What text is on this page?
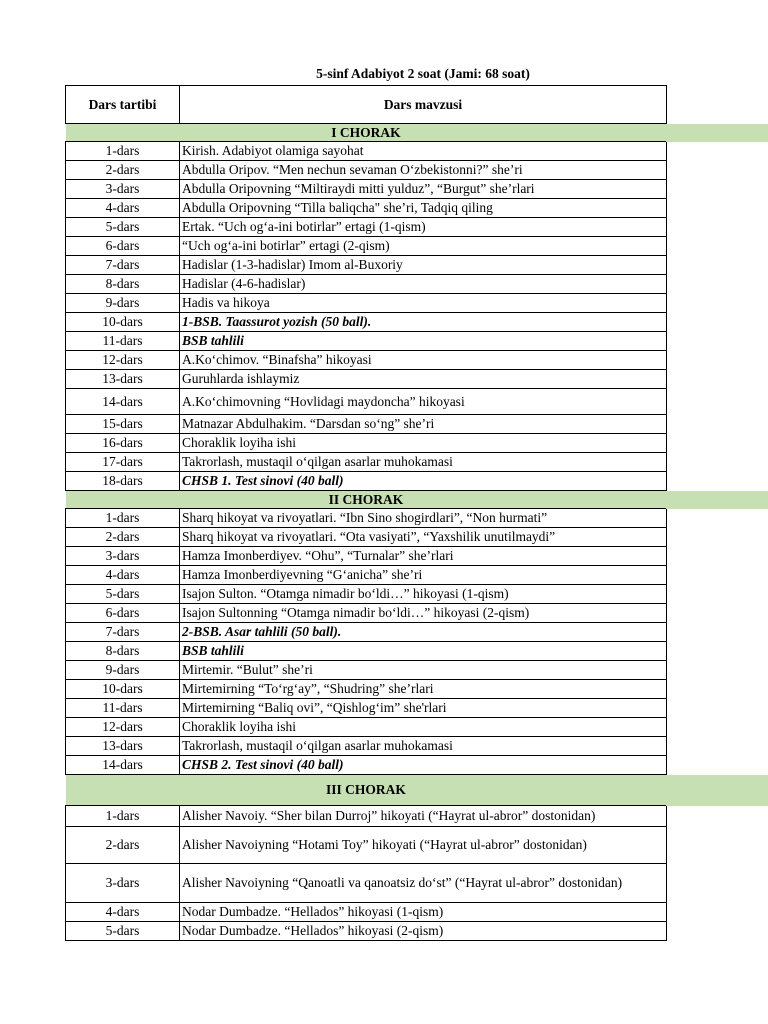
5-sinf Adabiyot 2 soat (Jami: 68 soat)
Dars tartibi	Dars mavzusi
I CHORAK	
1-dars	Kirish. Adabiyot olamiga sayohat
2-dars	Abdulla Oripov. “Men nechun sevaman O‘zbekistonni?” she’ri
3-dars	Abdulla Oripovning “Miltiraydi mitti yulduz”, “Burgut” she’rlari
4-dars	Abdulla Oripovning “Tilla baliqcha" she’ri, Tadqiq qiling
5-dars	Ertak. “Uch og‘a-ini botirlar” ertagi (1-qism)
6-dars	“Uch og‘a-ini botirlar” ertagi (2-qism)
7-dars	Hadislar (1-3-hadislar) Imom al-Buxoriy
8-dars	Hadislar (4-6-hadislar)
9-dars	Hadis va hikoya
10-dars	1-BSB. Taassurot yozish (50 ball).
11-dars	BSB tahlili
12-dars	A.Ko‘chimov. “Binafsha” hikoyasi
13-dars	Guruhlarda ishlaymiz
14-dars	A.Ko‘chimovning “Hovlidagi maydoncha” hikoyasi
15-dars	Matnazar Abdulhakim. “Darsdan so‘ng” she’ri
16-dars	Choraklik loyiha ishi
17-dars	Takrorlash, mustaqil o‘qilgan asarlar muhokamasi
18-dars	CHSB 1. Test sinovi (40 ball)
II CHORAK	
1-dars	Sharq hikoyat va rivoyatlari. “Ibn Sino shogirdlari”, “Non hurmati”
2-dars	Sharq hikoyat va rivoyatlari. “Ota vasiyati”, “Yaxshilik unutilmaydi”
3-dars	Hamza Imonberdiyev. “Ohu”, “Turnalar” she’rlari
4-dars	Hamza Imonberdiyevning “G‘anicha” she’ri
5-dars	Isajon Sulton. “Otamga nimadir bo‘ldi…” hikoyasi (1-qism)
6-dars	Isajon Sultonning “Otamga nimadir bo‘ldi…” hikoyasi (2-qism)
7-dars	2-BSB. Asar tahlili (50 ball).
8-dars	BSB tahlili
9-dars	Mirtemir. “Bulut” she’ri
10-dars	Mirtemirning “To‘rg‘ay”, “Shudring” she’rlari
11-dars	Mirtemirning “Baliq ovi”, “Qishlog‘im” she'rlari
12-dars	Choraklik loyiha ishi
13-dars	Takrorlash, mustaqil o‘qilgan asarlar muhokamasi
14-dars	CHSB 2. Test sinovi (40 ball)
III CHORAK	
1-dars	Alisher Navoiy. “Sher bilan Durroj” hikoyati (“Hayrat ul-abror” dostonidan)
2-dars	Alisher Navoiyning “Hotami Toy” hikoyati (“Hayrat ul-abror” dostonidan)
3-dars	Alisher Navoiyning “Qanoatli va qanoatsiz do‘st” (“Hayrat ul-abror” dostonidan)
4-dars	Nodar Dumbadze. “Hellados” hikoyasi (1-qism)
5-dars	Nodar Dumbadze. “Hellados” hikoyasi (2-qism)
